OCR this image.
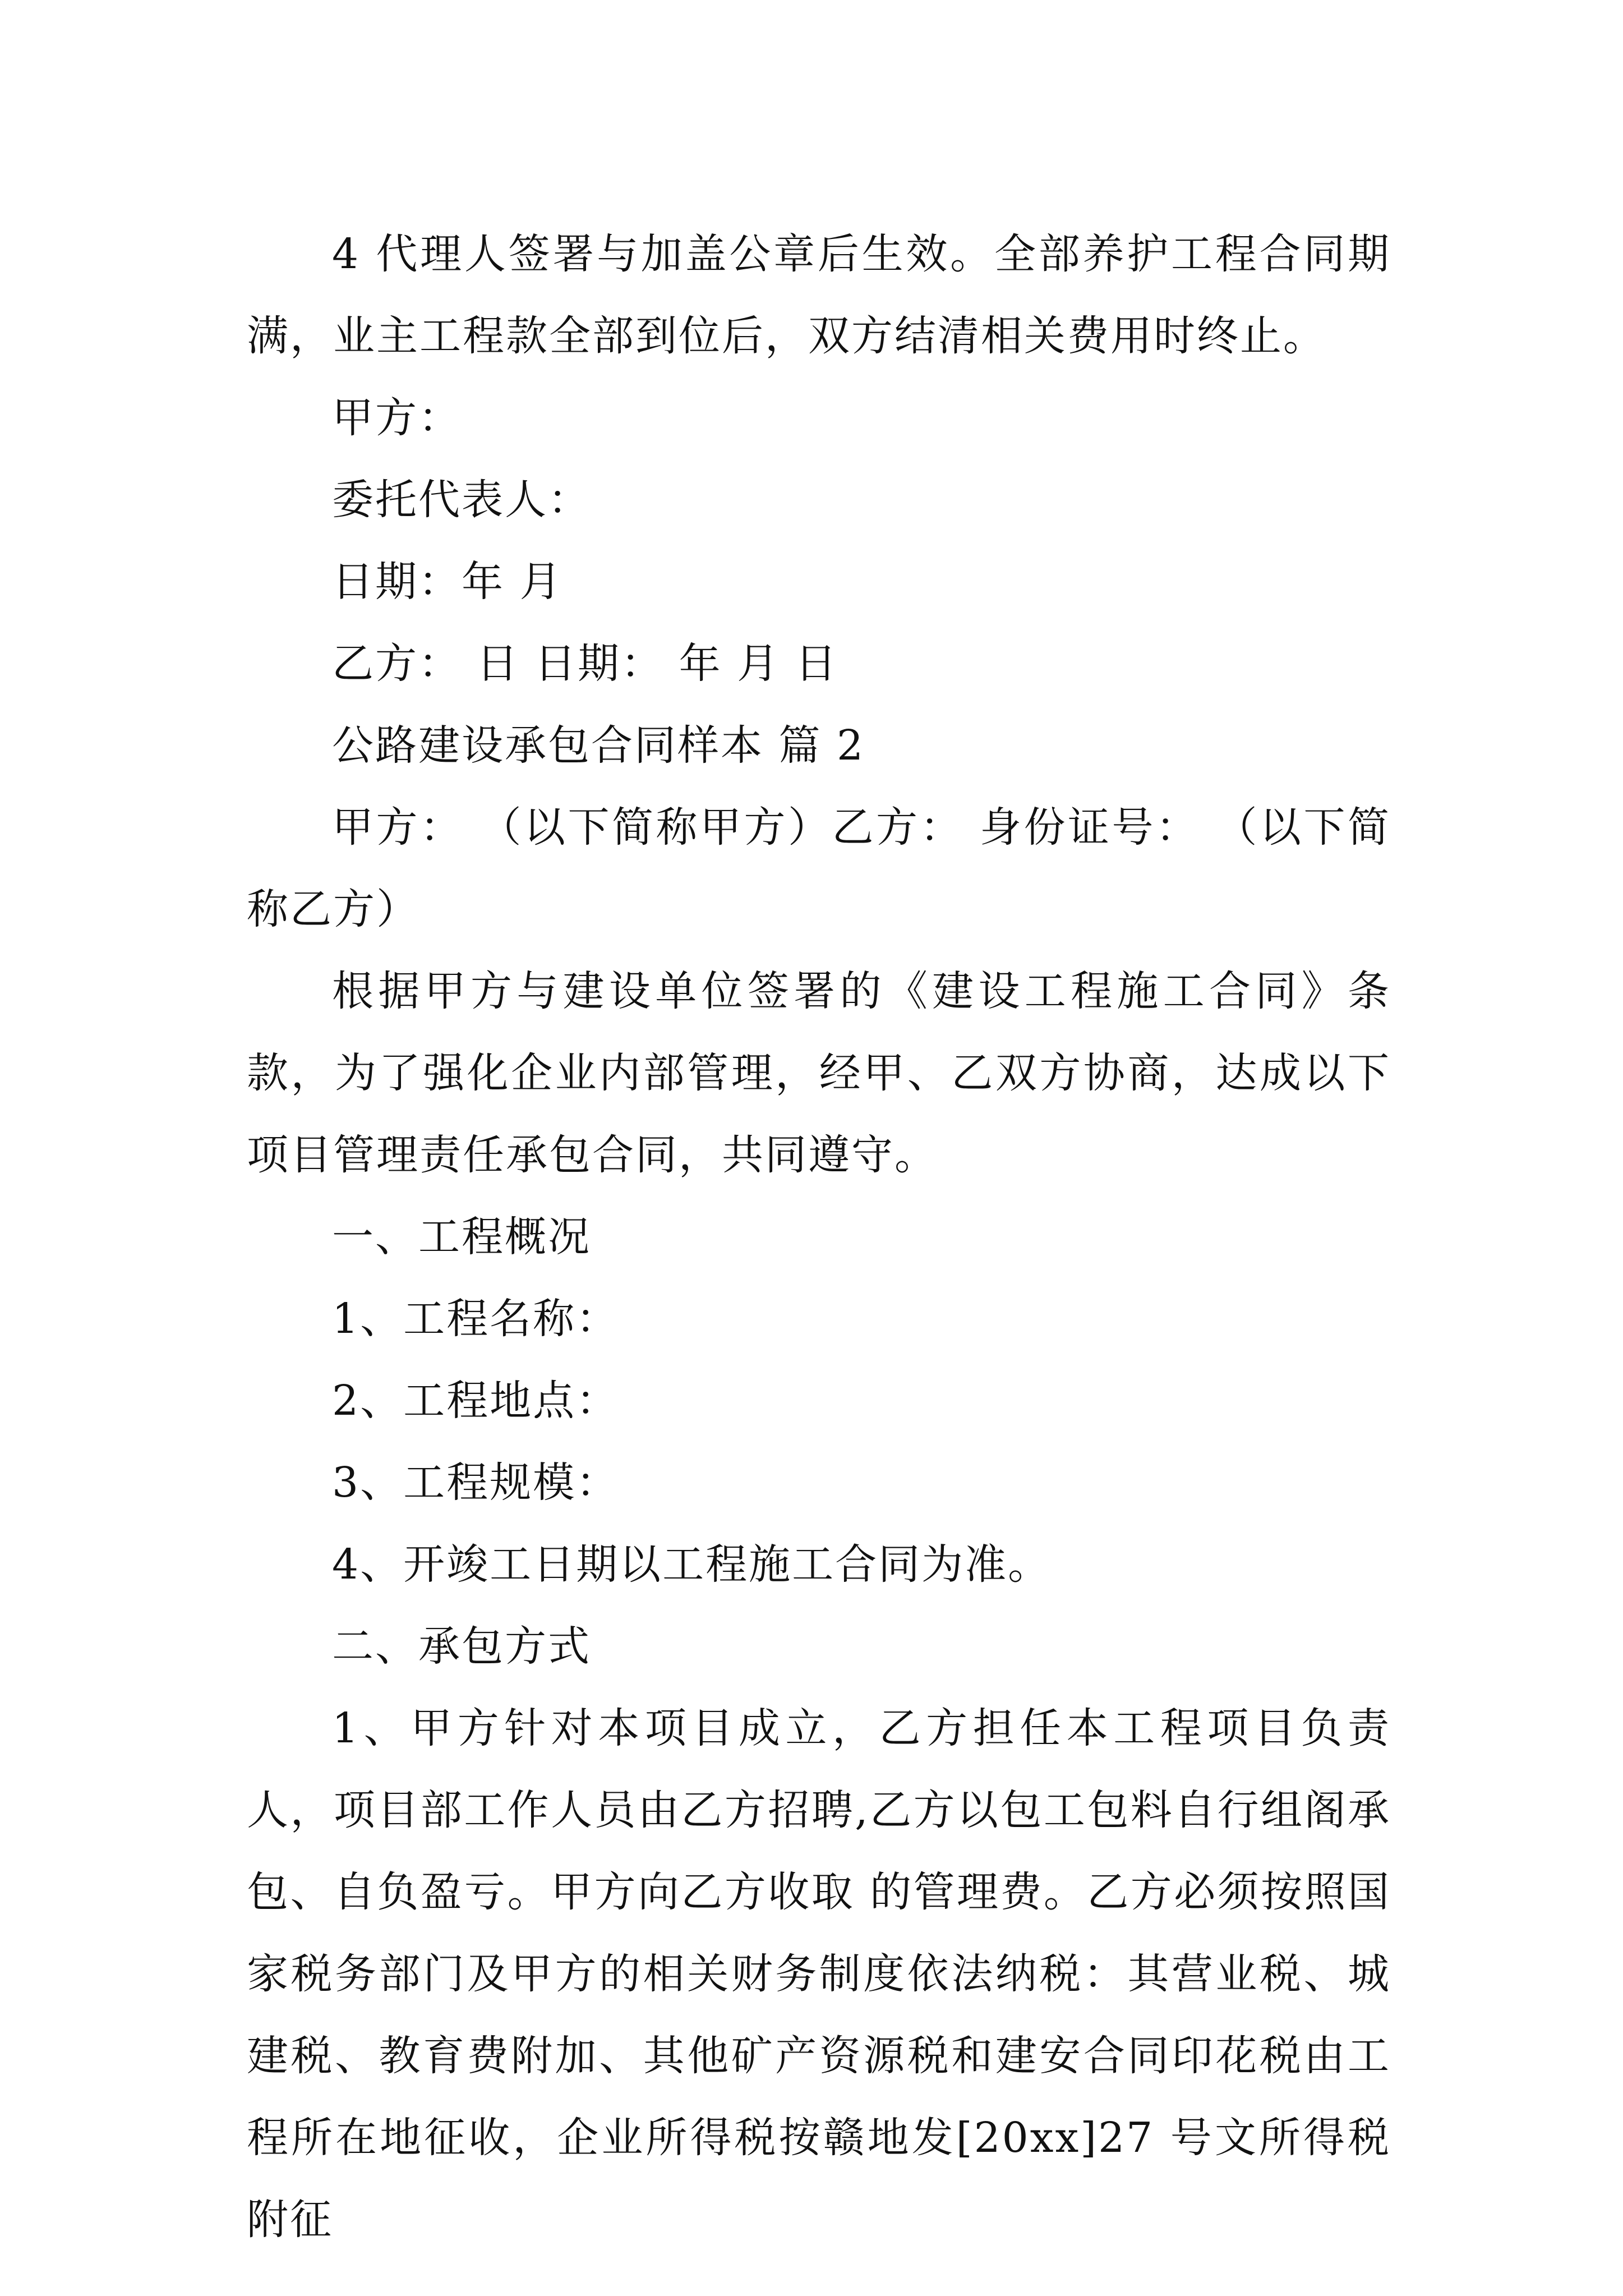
4 代理人签署与加盖公章后生效。全部养护工程合同期满，业主工程款全部到位后，双方结清相关费用时终止。

甲方：

委托代表人：

日期：年 月

乙方： 日 日期： 年 月 日

公路建设承包合同样本 篇 2

甲方： （以下简称甲方）乙方： 身份证号： （以下简称乙方）

根据甲方与建设单位签署的《建设工程施工合同》条款，为了强化企业内部管理，经甲、乙双方协商，达成以下项目管理责任承包合同，共同遵守。

一、工程概况

1、工程名称：

2、工程地点：

3、工程规模：

4、开竣工日期以工程施工合同为准。

二、承包方式

1、甲方针对本项目成立，乙方担任本工程项目负责人，项目部工作人员由乙方招聘,乙方以包工包料自行组阁承包、自负盈亏。甲方向乙方收取 的管理费。乙方必须按照国家税务部门及甲方的相关财务制度依法纳税：其营业税、城建税、教育费附加、其他矿产资源税和建安合同印花税由工程所在地征收，企业所得税按赣地发[20xx]27 号文所得税附征
